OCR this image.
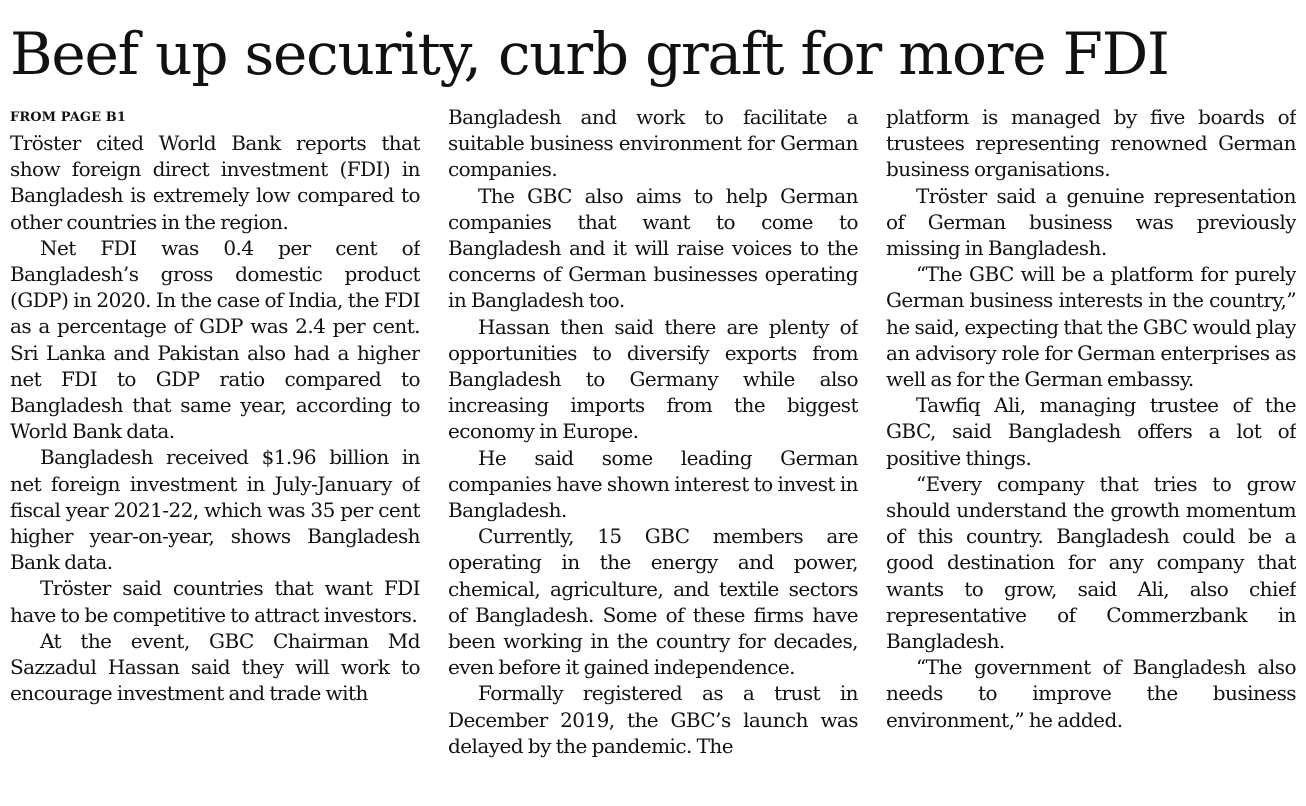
Beef up security, curb graft for more FDI
FROM PAGE B1

Tröster cited World Bank reports that show foreign direct investment (FDI) in Bangladesh is extremely low compared to other countries in the region.

Net FDI was 0.4 per cent of Bangladesh’s gross domestic product (GDP) in 2020. In the case of India, the FDI as a percentage of GDP was 2.4 per cent. Sri Lanka and Pakistan also had a higher net FDI to GDP ratio compared to Bangladesh that same year, according to World Bank data.

Bangladesh received $1.96 billion in net foreign investment in July-January of fiscal year 2021-22, which was 35 per cent higher year-on-year, shows Bangladesh Bank data.

Tröster said countries that want FDI have to be competitive to attract investors.

At the event, GBC Chairman Md Sazzadul Hassan said they will work to encourage investment and trade with

Bangladesh and work to facilitate a suitable business environment for German companies.

The GBC also aims to help German companies that want to come to Bangladesh and it will raise voices to the concerns of German businesses operating in Bangladesh too.

Hassan then said there are plenty of opportunities to diversify exports from Bangladesh to Germany while also increasing imports from the biggest economy in Europe.

He said some leading German companies have shown interest to invest in Bangladesh.

Currently, 15 GBC members are operating in the energy and power, chemical, agriculture, and textile sectors of Bangladesh. Some of these firms have been working in the country for decades, even before it gained independence.

Formally registered as a trust in December 2019, the GBC’s launch was delayed by the pandemic. The

platform is managed by five boards of trustees representing renowned German business organisations.

Tröster said a genuine representation of German business was previously missing in Bangladesh.

“The GBC will be a platform for purely German business interests in the country,” he said, expecting that the GBC would play an advisory role for German enterprises as well as for the German embassy.

Tawfiq Ali, managing trustee of the GBC, said Bangladesh offers a lot of positive things.

“Every company that tries to grow should understand the growth momentum of this country. Bangladesh could be a good destination for any company that wants to grow, said Ali, also chief representative of Commerzbank in Bangladesh.

“The government of Bangladesh also needs to improve the business environment,” he added.
